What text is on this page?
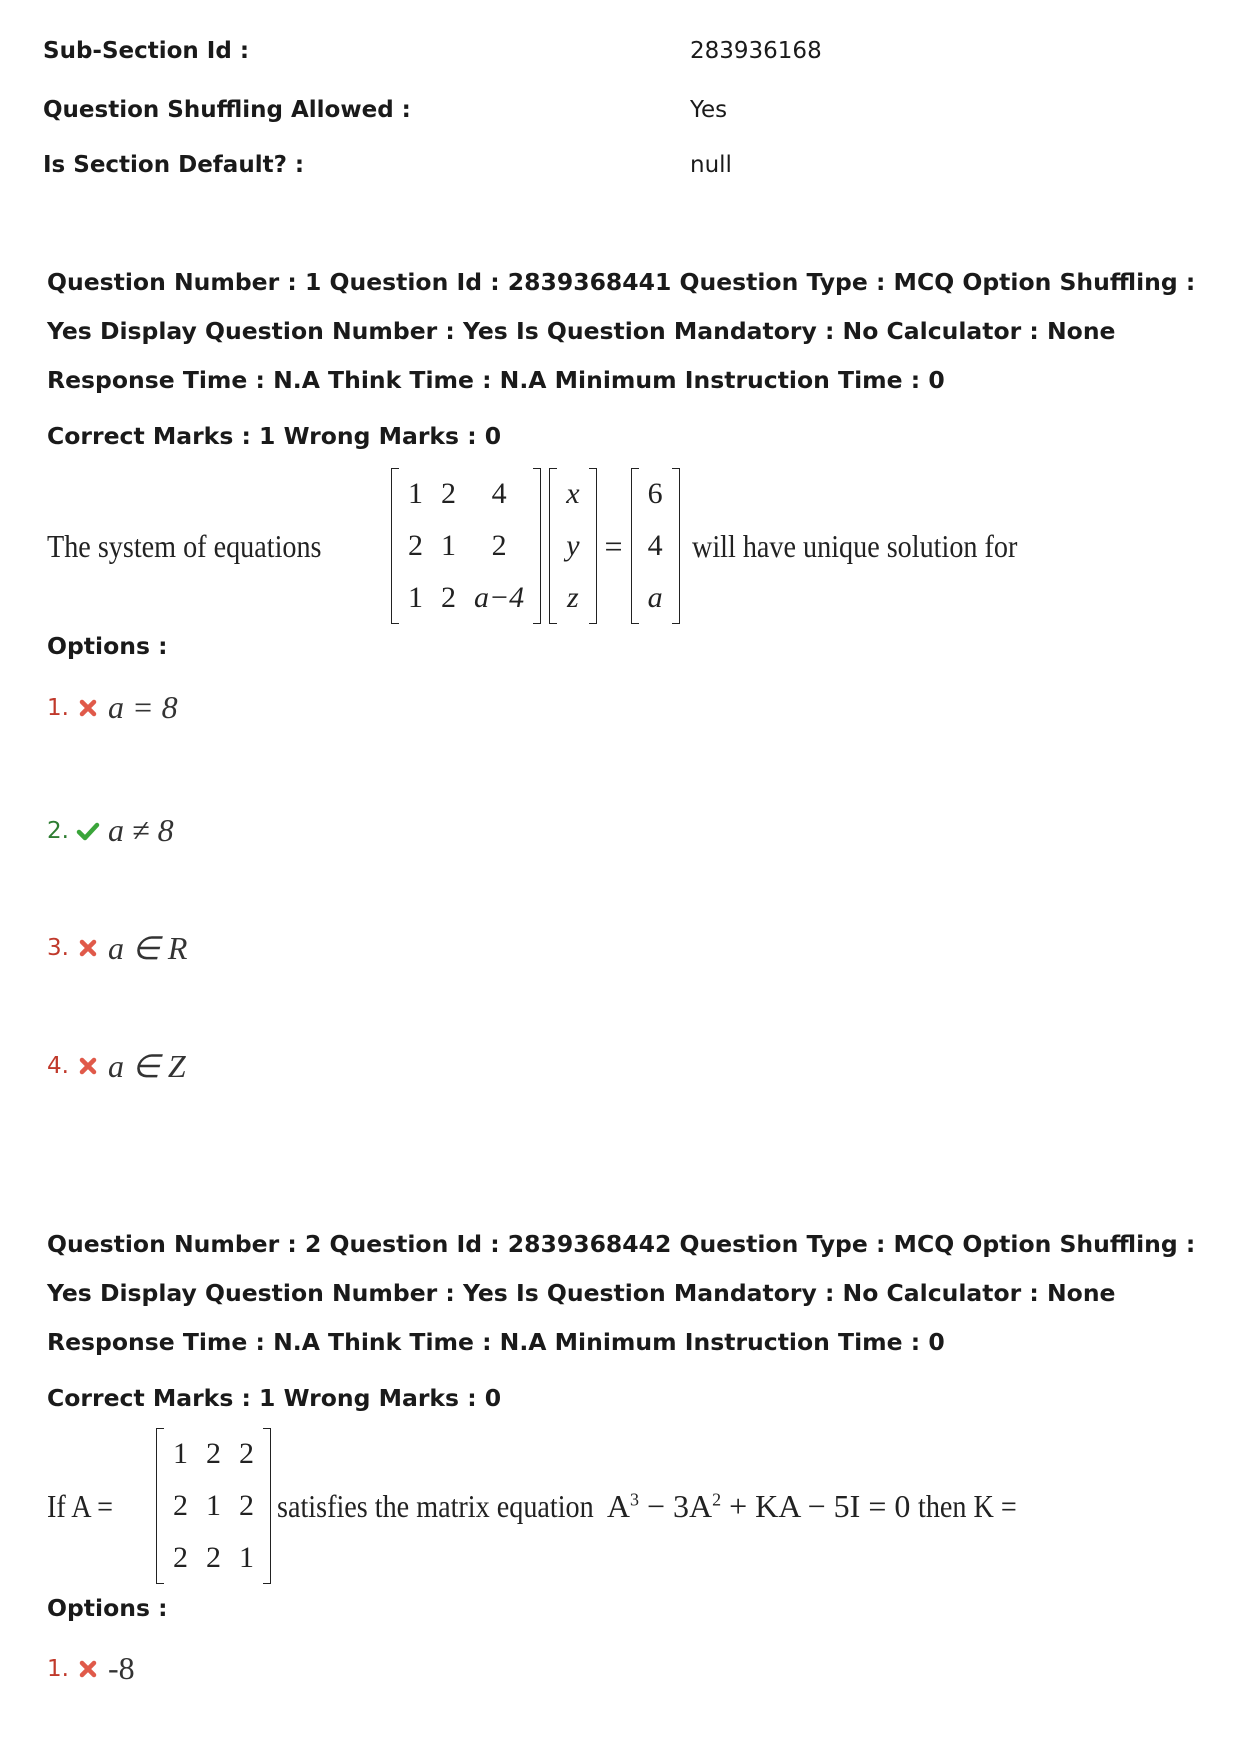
Sub-Section Id :	283936168
Question Shuffling Allowed :	Yes
Is Section Default? :	null
Question Number : 1 Question Id : 2839368441 Question Type : MCQ Option Shuffling : Yes Display Question Number : Yes Is Question Mandatory : No Calculator : None Response Time : N.A Think Time : N.A Minimum Instruction Time : 0
Correct Marks : 1 Wrong Marks : 0
The system of equations
1	2	4
2	1	2
1	2	a−4
x
y
z
=
6
4
a
will have unique solution for
Options :
1. a = 8
2. a ≠ 8
3. a ∈ R
4. a ∈ Z
Question Number : 2 Question Id : 2839368442 Question Type : MCQ Option Shuffling : Yes Display Question Number : Yes Is Question Mandatory : No Calculator : None Response Time : N.A Think Time : N.A Minimum Instruction Time : 0
Correct Marks : 1 Wrong Marks : 0
If A =
1	2	2
2	1	2
2	2	1
satisfies the matrix equation $A^3 - 3A^2$ + KA − 5I = 0 then K =
Options :
1. -8
